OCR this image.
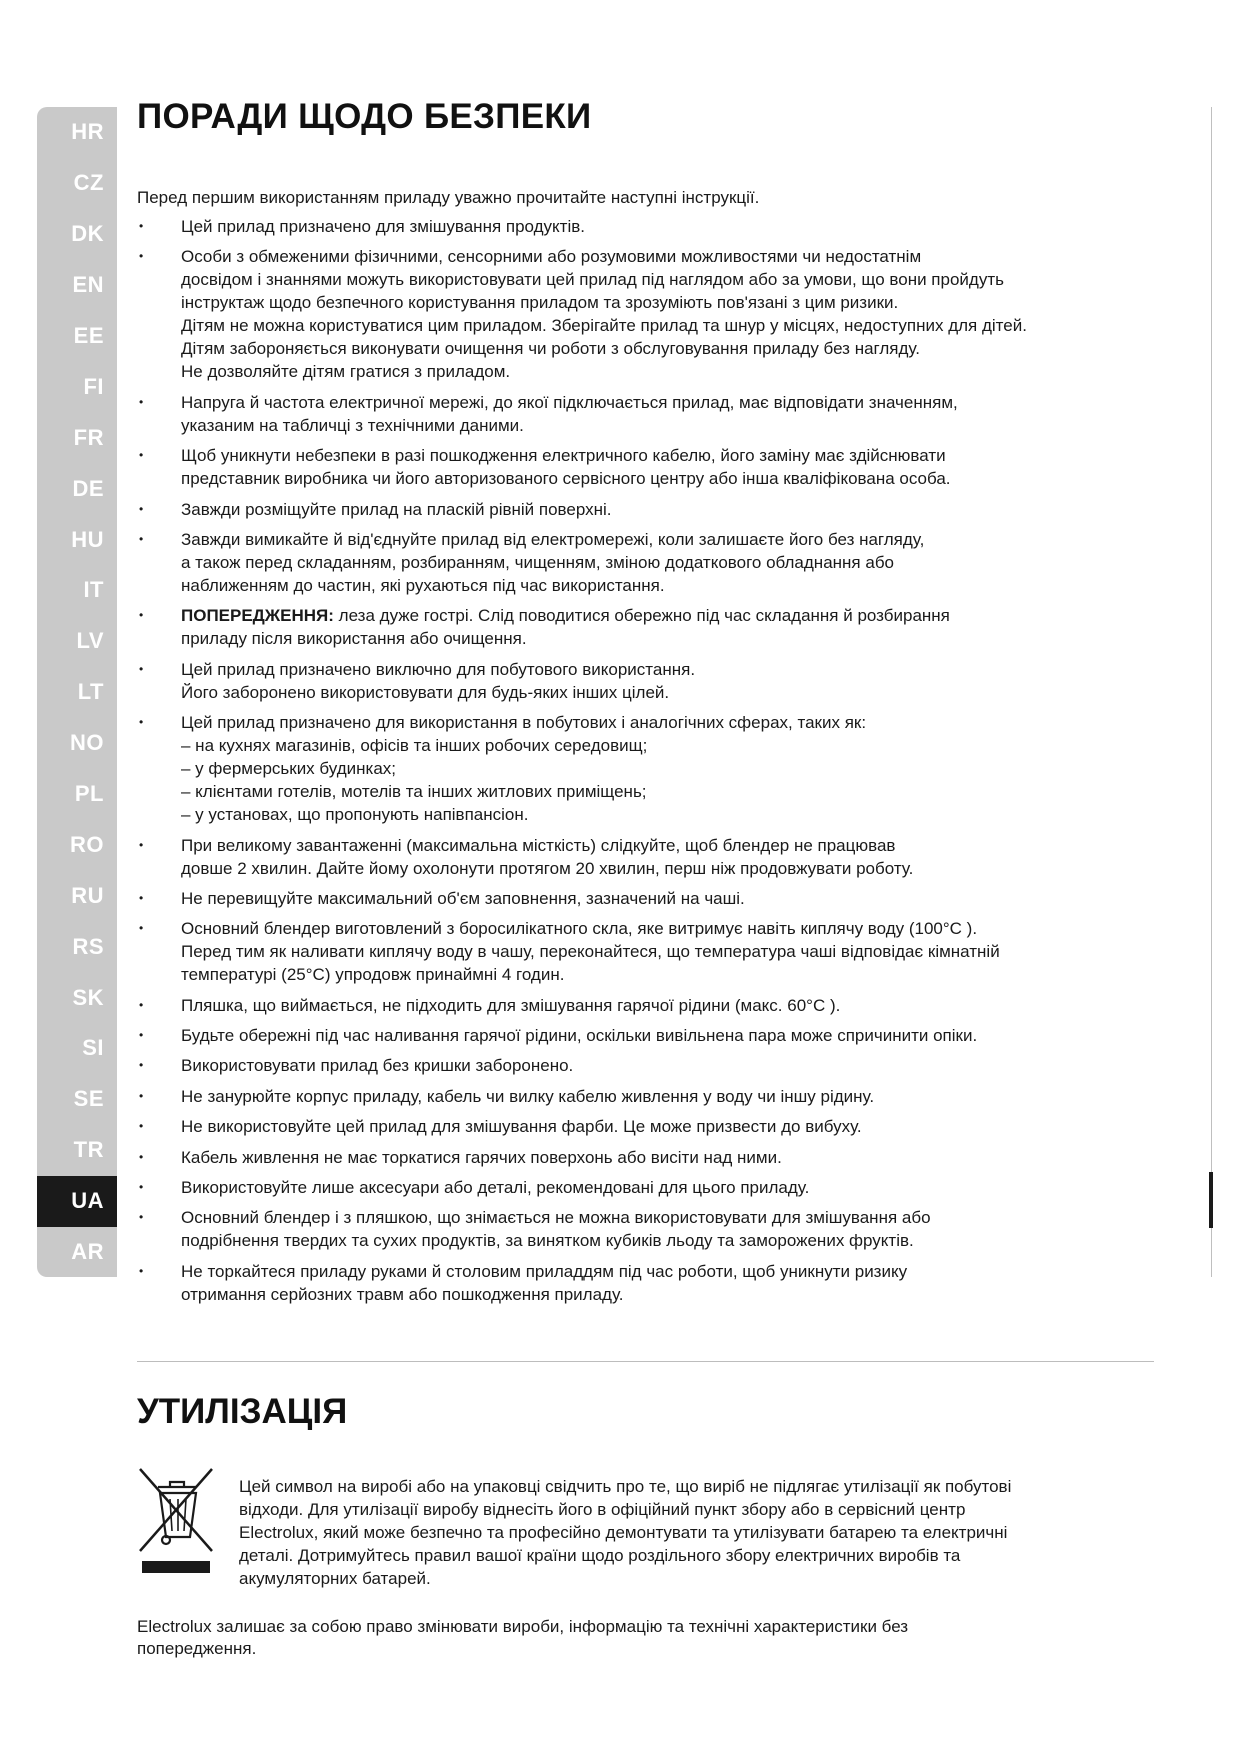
HR
CZ
DK
EN
EE
FI
FR
DE
HU
IT
LV
LT
NO
PL
RO
RU
RS
SK
SI
SE
TR
UA
AR
ПОРАДИ ЩОДО БЕЗПЕКИ

Перед першим використанням приладу уважно прочитайте наступні інструкції.

• Цей прилад призначено для змішування продуктів.
• Особи з обмеженими фізичними, сенсорними або розумовими можливостями чи недостатнім
досвідом і знаннями можуть використовувати цей прилад під наглядом або за умови, що вони пройдуть
інструктаж щодо безпечного користування приладом та зрозуміють пов'язані з цим ризики.
Дітям не можна користуватися цим приладом. Зберігайте прилад та шнур у місцях, недоступних для дітей.
Дітям забороняється виконувати очищення чи роботи з обслуговування приладу без нагляду.
Не дозволяйте дітям гратися з приладом.
• Напруга й частота електричної мережі, до якої підключається прилад, має відповідати значенням,
указаним на табличці з технічними даними.
• Щоб уникнути небезпеки в разі пошкодження електричного кабелю, його заміну має здійснювати
представник виробника чи його авторизованого сервісного центру або інша кваліфікована особа.
• Завжди розміщуйте прилад на пласкій рівній поверхні.
• Завжди вимикайте й від'єднуйте прилад від електромережі, коли залишаєте його без нагляду,
а також перед складанням, розбиранням, чищенням, зміною додаткового обладнання або
наближенням до частин, які рухаються під час використання.
• ПОПЕРЕДЖЕННЯ: леза дуже гострі. Слід поводитися обережно під час складання й розбирання
приладу після використання або очищення.
• Цей прилад призначено виключно для побутового використання.
Його заборонено використовувати для будь-яких інших цілей.
• Цей прилад призначено для використання в побутових і аналогічних сферах, таких як:
– на кухнях магазинів, офісів та інших робочих середовищ;
– у фермерських будинках;
– клієнтами готелів, мотелів та інших житлових приміщень;
– у установах, що пропонують напівпансіон.
• При великому завантаженні (максимальна місткість) слідкуйте, щоб блендер не працював
довше 2 хвилин. Дайте йому охолонути протягом 20 хвилин, перш ніж продовжувати роботу.
• Не перевищуйте максимальний об'єм заповнення, зазначений на чаші.
• Основний блендер виготовлений з боросилікатного скла, яке витримує навіть киплячу воду (100°C ).
Перед тим як наливати киплячу воду в чашу, переконайтеся, що температура чаші відповідає кімнатній
температурі (25°C) упродовж принаймні 4 годин.
• Пляшка, що виймається, не підходить для змішування гарячої рідини (макс. 60°C ).
• Будьте обережні під час наливання гарячої рідини, оскільки вивільнена пара може спричинити опіки.
• Використовувати прилад без кришки заборонено.
• Не занурюйте корпус приладу, кабель чи вилку кабелю живлення у воду чи іншу рідину.
• Не використовуйте цей прилад для змішування фарби. Це може призвести до вибуху.
• Кабель живлення не має торкатися гарячих поверхонь або висіти над ними.
• Використовуйте лише аксесуари або деталі, рекомендовані для цього приладу.
• Основний блендер і з пляшкою, що знімається не можна використовувати для змішування або
подрібнення твердих та сухих продуктів, за винятком кубиків льоду та заморожених фруктів.
• Не торкайтеся приладу руками й столовим приладдям під час роботи, щоб уникнути ризику
отримання серйозних травм або пошкодження приладу.
УТИЛІЗАЦІЯ
Цей символ на виробі або на упаковці свідчить про те, що виріб не підлягає утилізації як побутові
відходи. Для утилізації виробу віднесіть його в офіційний пункт збору або в сервісний центр
Electrolux, який може безпечно та професійно демонтувати та утилізувати батарею та електричні
деталі. Дотримуйтесь правил вашої країни щодо роздільного збору електричних виробів та
акумуляторних батарей.
Electrolux залишає за собою право змінювати вироби, інформацію та технічні характеристики без
попередження.
